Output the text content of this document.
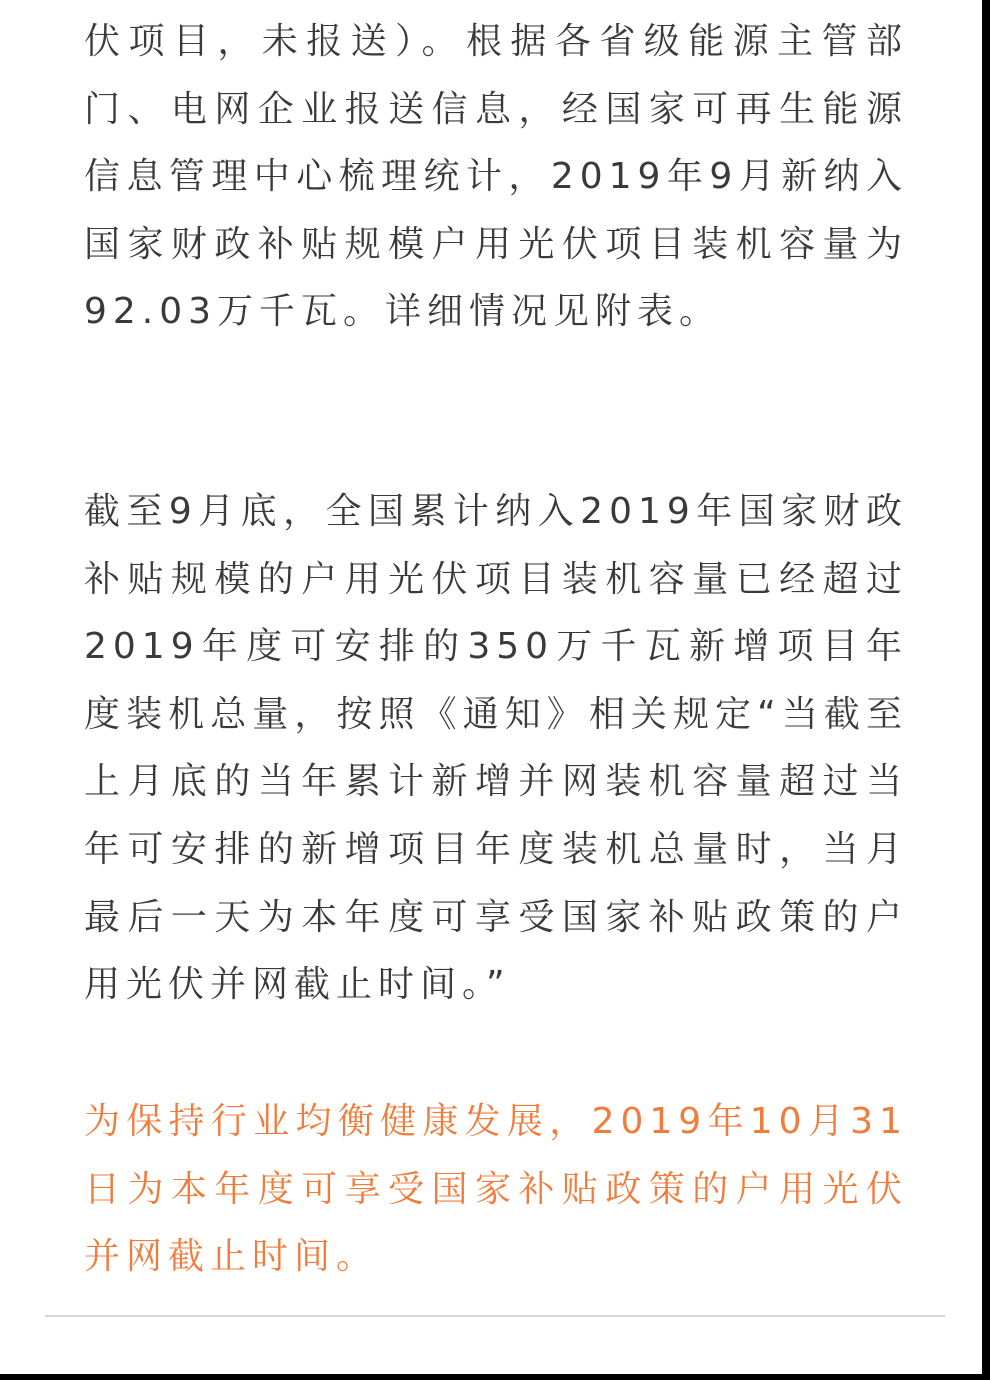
伏项目，未报送）。根据各省级能源主管部门、电网企业报送信息，经国家可再生能源信息管理中心梳理统计，2019年9月新纳入国家财政补贴规模户用光伏项目装机容量为92.03万千瓦。详细情况见附表。

截至9月底，全国累计纳入2019年国家财政补贴规模的户用光伏项目装机容量已经超过2019年度可安排的350万千瓦新增项目年度装机总量，按照《通知》相关规定“当截至上月底的当年累计新增并网装机容量超过当年可安排的新增项目年度装机总量时，当月最后一天为本年度可享受国家补贴政策的户用光伏并网截止时间。”

为保持行业均衡健康发展，2019年10月31日为本年度可享受国家补贴政策的户用光伏并网截止时间。
